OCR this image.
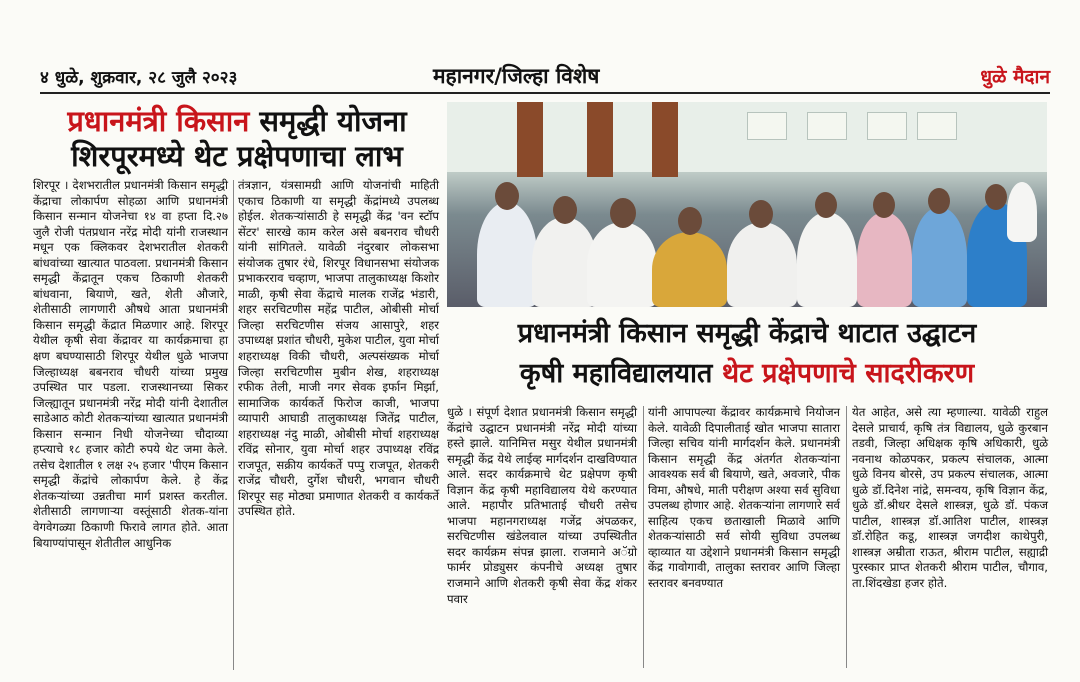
४ धुळे, शुक्रवार, २८ जुलै २०२३	महानगर/जिल्हा विशेष	धुळे मैदान
प्रधानमंत्री किसान समृद्धी योजना
शिरपूरमध्ये थेट प्रक्षेपणाचा लाभ

शिरपूर । देशभरातील प्रधानमंत्री किसान समृद्धी केंद्राचा लोकार्पण सोहळा आणि प्रधानमंत्री किसान सन्मान योजनेचा १४ वा हप्ता दि.२७ जुलै रोजी पंतप्रधान नरेंद्र मोदी यांनी राजस्थान मधून एक क्लिकवर देशभरातील शेतकरी बांधवांच्या खात्यात पाठवला. प्रधानमंत्री किसान समृद्धी केंद्रातून एकच ठिकाणी शेतकरी बांधवाना, बियाणे, खते, शेती औजारे, शेतीसाठी लागणारी औषधे आता प्रधानमंत्री किसान समृद्धी केंद्रात मिळणार आहे. शिरपूर येथील कृषी सेवा केंद्रावर या कार्यक्रमाचा हा क्षण बघण्यासाठी शिरपूर येथील धुळे भाजपा जिल्हाध्यक्ष बबनराव चौधरी यांच्या प्रमुख उपस्थित पार पडला. राजस्थानच्या सिकर जिल्ह्यातून प्रधानमंत्री नरेंद्र मोदी यांनी देशातील साडेआठ कोटी शेतकऱ्यांच्या खात्यात प्रधानमंत्री किसान सन्मान निधी योजनेच्या चौदाव्या हप्त्याचे १८ हजार कोटी रुपये थेट जमा केले. तसेच देशातील १ लक्ष २५ हजार 'पीएम किसान समृद्धी केंद्रांचे लोकार्पण केले. हे केंद्र शेतकऱ्यांच्या उन्नतीचा मार्ग प्रशस्त करतील. शेतीसाठी लागणाऱ्या वस्तूंसाठी शेतक-यांना वेगवेगळ्या ठिकाणी फिरावे लागत होते. आता बियाण्यांपासून शेतीतील आधुनिक

तंत्रज्ञान, यंत्रसामग्री आणि योजनांची माहिती एकाच ठिकाणी या समृद्धी केंद्रांमध्ये उपलब्ध होईल. शेतकऱ्यांसाठी हे समृद्धी केंद्र 'वन स्टॉप सेंटर' सारखे काम करेल असे बबनराव चौधरी यांनी सांगितले. यावेळी नंदुरबार लोकसभा संयोजक तुषार रंधे, शिरपूर विधानसभा संयोजक प्रभाकरराव चव्हाण, भाजपा तालुकाध्यक्ष किशोर माळी, कृषी सेवा केंद्राचे मालक राजेंद्र भंडारी, शहर सरचिटणीस महेंद्र पाटील, ओबीसी मोर्चा जिल्हा सरचिटणीस संजय आसापुरे, शहर उपाध्यक्ष प्रशांत चौधरी, मुकेश पाटील, युवा मोर्चा शहराध्यक्ष विकी चौधरी, अल्पसंख्यक मोर्चा जिल्हा सरचिटणीस मुबीन शेख, शहराध्यक्ष रफीक तेली, माजी नगर सेवक इर्फान मिर्झा, सामाजिक कार्यकर्ते फिरोज काजी, भाजपा व्यापारी आघाडी तालुकाध्यक्ष जितेंद्र पाटील, शहराध्यक्ष नंदु माळी, ओबीसी मोर्चा शहराध्यक्ष रविंद्र सोनार, युवा मोर्चा शहर उपाध्यक्ष रविंद्र राजपूत, सक्रीय कार्यकर्ते पप्पु राजपूत, शेतकरी राजेंद्र चौधरी, दुर्गेश चौधरी, भगवान चौधरी शिरपूर सह मोठ्या प्रमाणात शेतकरी व कार्यकर्ते उपस्थित होते.

प्रधानमंत्री किसान समृद्धी केंद्राचे थाटात उद्घाटन
कृषी महाविद्यालयात थेट प्रक्षेपणाचे सादरीकरण

धुळे । संपूर्ण देशात प्रधानमंत्री किसान समृद्धी केंद्रांचे उद्घाटन प्रधानमंत्री नरेंद्र मोदी यांच्या हस्ते झाले. यानिमित्त मसुर येथील प्रधानमंत्री समृद्धी केंद्र येथे लाईव्ह मार्गदर्शन दाखविण्यात आले. सदर कार्यक्रमाचे थेट प्रक्षेपण कृषी विज्ञान केंद्र कृषी महाविद्यालय येथे करण्यात आले. महापौर प्रतिभाताई चौधरी तसेच भाजपा महानगराध्यक्ष गजेंद्र अंपळकर, सरचिटणीस खंडेलवाल यांच्या उपस्थितीत सदर कार्यक्रम संपन्न झाला. राजमाने अॅग्रो फार्मर प्रोड्युसर कंपनीचे अध्यक्ष तुषार राजमाने आणि शेतकरी कृषी सेवा केंद्र शंकर पवार

यांनी आपापल्या केंद्रावर कार्यक्रमाचे नियोजन केले. यावेळी दिपालीताई खोत भाजपा सातारा जिल्हा सचिव यांनी मार्गदर्शन केले. प्रधानमंत्री किसान समृद्धी केंद्र अंतर्गत शेतकऱ्यांना आवश्यक सर्व बी बियाणे, खते, अवजारे, पीक विमा, औषधे, माती परीक्षण अश्या सर्व सुविधा उपलब्ध होणार आहे. शेतकऱ्यांना लागणारे सर्व साहित्य एकच छताखाली मिळावे आणि शेतकऱ्यांसाठी सर्व सोयी सुविधा उपलब्ध व्हाव्यात या उद्देशाने प्रधानमंत्री किसान समृद्धी केंद्र गावोगावी, तालुका स्तरावर आणि जिल्हा स्तरावर बनवण्यात

येत आहेत, असे त्या म्हणाल्या. यावेळी राहुल देसले प्राचार्य, कृषि तंत्र विद्यालय, धुळे कुरबान तडवी, जिल्हा अधिक्षक कृषि अधिकारी, धुळे नवनाथ कोळपकर, प्रकल्प संचालक, आत्मा धुळे विनय बोरसे, उप प्रकल्प संचालक, आत्मा धुळे डॉ.दिनेश नांद्रे, समन्वय, कृषि विज्ञान केंद्र, धुळे डॉ.श्रीधर देसले शास्त्रज्ञ, धुळे डॉ. पंकज पाटील, शास्त्रज्ञ डॉ.आतिश पाटील, शास्त्रज्ञ डॉ.रोहित कडू, शास्त्रज्ञ जगदीश काथेपुरी, शास्त्रज्ञ अम्रीता राऊत, श्रीराम पाटील, सह्याद्री पुरस्कार प्राप्त शेतकरी श्रीराम पाटील, चौगाव, ता.शिंदखेडा हजर होते.
